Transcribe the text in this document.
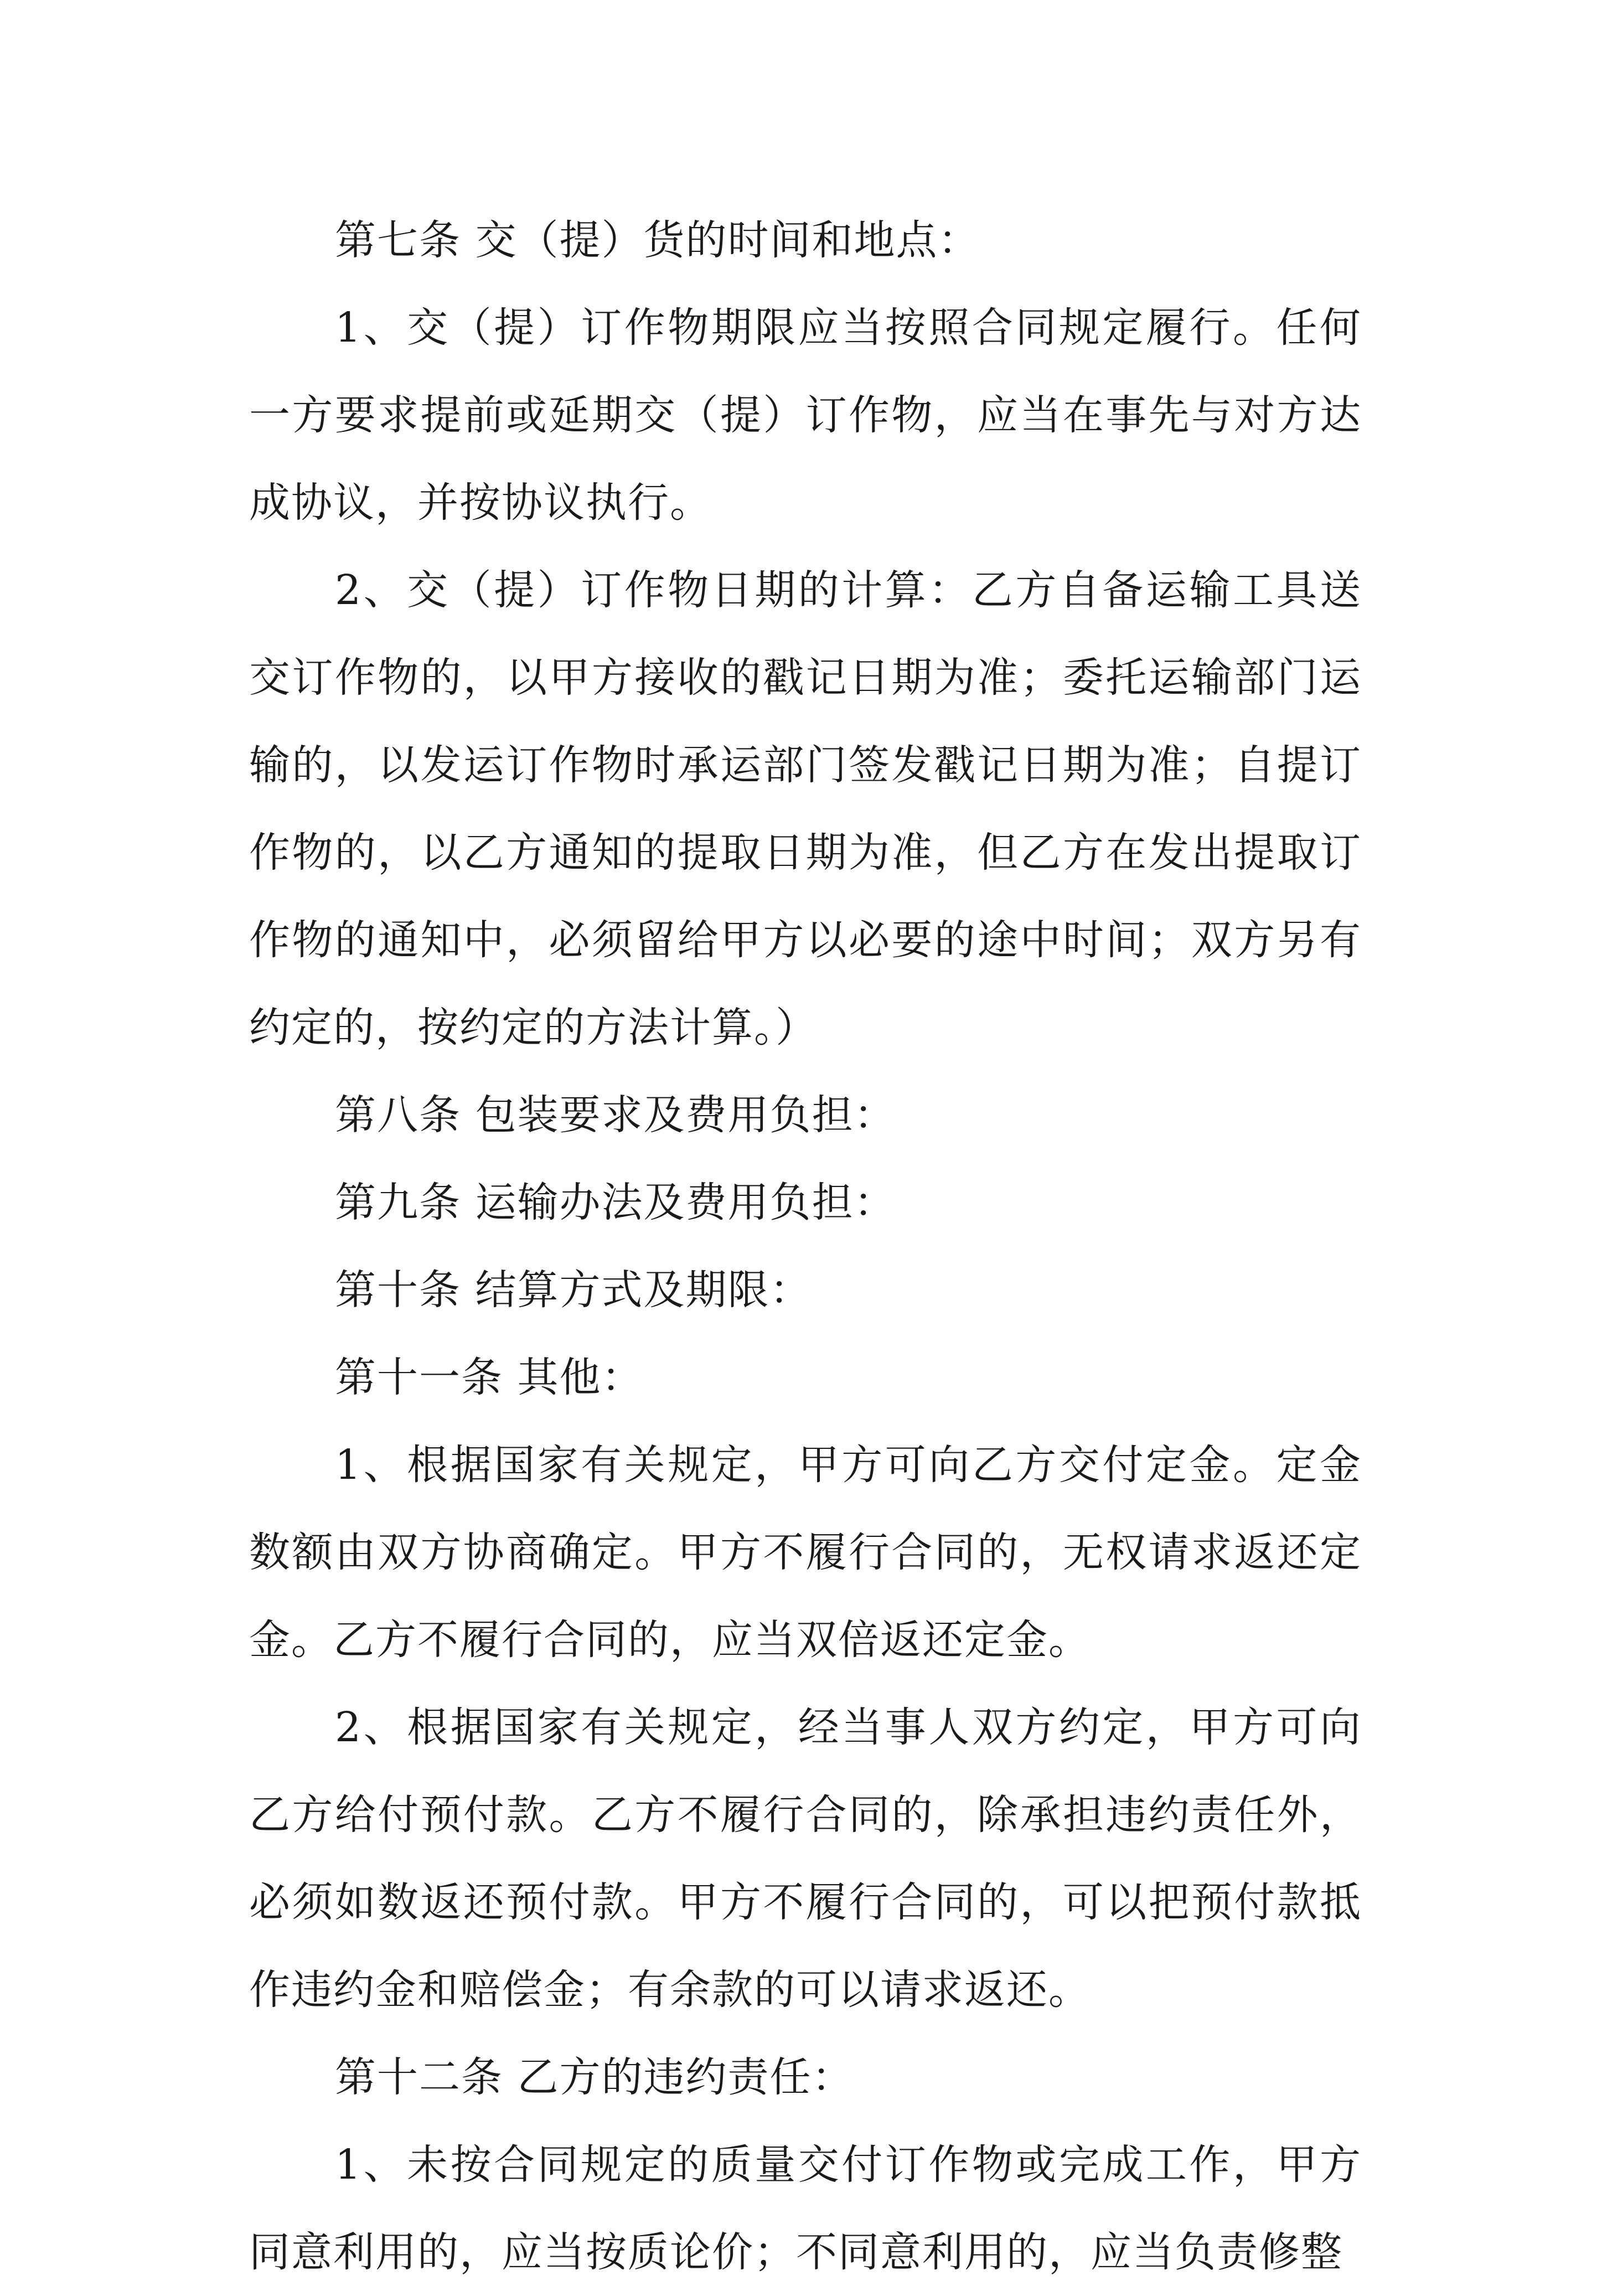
第七条 交（提）货的时间和地点：

1、交（提）订作物期限应当按照合同规定履行。任何一方要求提前或延期交（提）订作物，应当在事先与对方达成协议，并按协议执行。

2、交（提）订作物日期的计算：乙方自备运输工具送交订作物的，以甲方接收的戳记日期为准；委托运输部门运输的，以发运订作物时承运部门签发戳记日期为准；自提订作物的，以乙方通知的提取日期为准，但乙方在发出提取订作物的通知中，必须留给甲方以必要的途中时间；双方另有约定的，按约定的方法计算。）

第八条 包装要求及费用负担：

第九条 运输办法及费用负担：

第十条 结算方式及期限：

第十一条 其他：

1、根据国家有关规定，甲方可向乙方交付定金。定金数额由双方协商确定。甲方不履行合同的，无权请求返还定金。乙方不履行合同的，应当双倍返还定金。

2、根据国家有关规定，经当事人双方约定，甲方可向乙方给付预付款。乙方不履行合同的，除承担违约责任外，必须如数返还预付款。甲方不履行合同的，可以把预付款抵作违约金和赔偿金；有余款的可以请求返还。

第十二条 乙方的违约责任：

1、未按合同规定的质量交付订作物或完成工作，甲方同意利用的，应当按质论价；不同意利用的，应当负责修整
